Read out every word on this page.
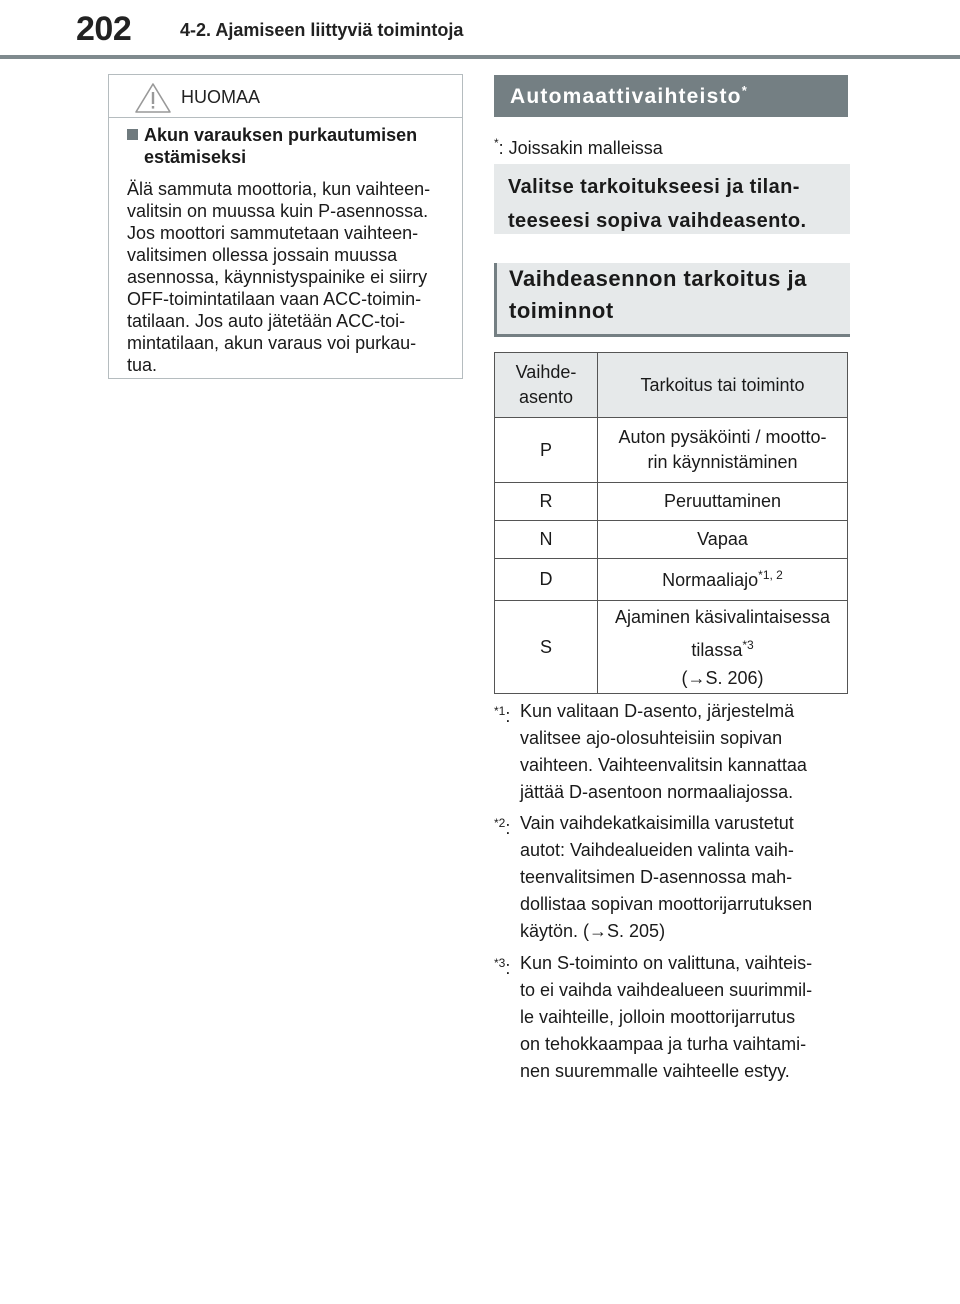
202	4-2. Ajamiseen liittyviä toimintoja
HUOMAA
Akun varauksen purkautumisen
estämiseksi
Älä sammuta moottoria, kun vaihteen-
valitsin on muussa kuin P-asennossa.
Jos moottori sammutetaan vaihteen-
valitsimen ollessa jossain muussa
asennossa, käynnistyspainike ei siirry
OFF-toimintatilaan vaan ACC-toimin-
tatilaan. Jos auto jätetään ACC-toi-
mintatilaan, akun varaus voi purkau-
tua.
Automaattivaihteisto*
*: Joissakin malleissa
Valitse tarkoitukseesi ja tilan-
teeseesi sopiva vaihdeasento.
Vaihdeasennon tarkoitus ja
toiminnot
Vaihde-
asento	Tarkoitus tai toiminto
P	Auton pysäköinti / mootto-
rin käynnistäminen

R	Peruuttaminen
N	Vapaa
D	Normaaliajo$^{*1, 2}$
S	Ajaminen käsivalintaisessa
tilassa$^{*3}$
(→S. 206)
$^{*1}$: Kun valitaan D-asento, järjestelmä
valitsee ajo-olosuhteisiin sopivan
vaihteen. Vaihteenvalitsin kannattaa
jättää D-asentoon normaaliajossa.
$^{*2}$: Vain vaihdekatkaisimilla varustetut
autot: Vaihdealueiden valinta vaih-
teenvalitsimen D-asennossa mah-
dollistaa sopivan moottorijarrutuksen
käytön. (→S. 205)
$^{*3}$: Kun S-toiminto on valittuna, vaihteis-
to ei vaihda vaihdealueen suurimmil-
le vaihteille, jolloin moottorijarrutus
on tehokkaampaa ja turha vaihtami-
nen suuremmalle vaihteelle estyy.
